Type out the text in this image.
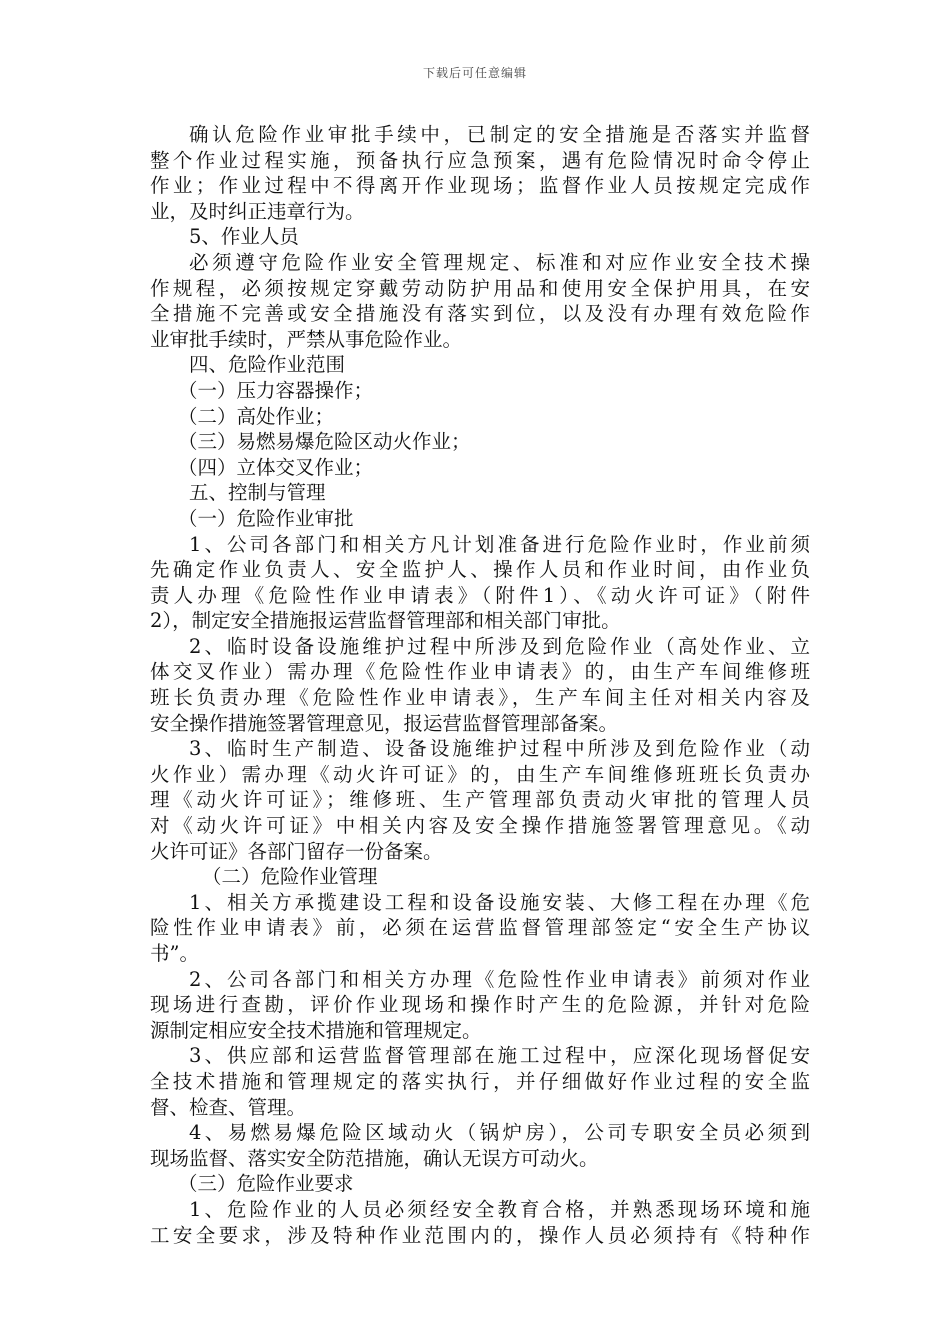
下载后可任意编辑
确认危险作业审批手续中，已制定的安全措施是否落实并监督
整个作业过程实施，预备执行应急预案，遇有危险情况时命令停止
作业；作业过程中不得离开作业现场；监督作业人员按规定完成作
业，及时纠正违章行为。
5、作业人员
必须遵守危险作业安全管理规定、标准和对应作业安全技术操
作规程，必须按规定穿戴劳动防护用品和使用安全保护用具，在安
全措施不完善或安全措施没有落实到位，以及没有办理有效危险作
业审批手续时，严禁从事危险作业。
四、危险作业范围
（一）压力容器操作；
（二）高处作业；
（三）易燃易爆危险区动火作业；
（四）立体交叉作业；
五、控制与管理
（一）危险作业审批
1、公司各部门和相关方凡计划准备进行危险作业时，作业前须
先确定作业负责人、安全监护人、操作人员和作业时间，由作业负
责人办理《危险性作业申请表》（附件1）、《动火许可证》（附件
2），制定安全措施报运营监督管理部和相关部门审批。
2、临时设备设施维护过程中所涉及到危险作业（高处作业、立
体交叉作业）需办理《危险性作业申请表》的，由生产车间维修班
班长负责办理《危险性作业申请表》，生产车间主任对相关内容及
安全操作措施签署管理意见，报运营监督管理部备案。
3、临时生产制造、设备设施维护过程中所涉及到危险作业（动
火作业）需办理《动火许可证》的，由生产车间维修班班长负责办
理《动火许可证》；维修班、生产管理部负责动火审批的管理人员
对《动火许可证》中相关内容及安全操作措施签署管理意见。《动
火许可证》各部门留存一份备案。
（二）危险作业管理
1、相关方承揽建设工程和设备设施安装、大修工程在办理《危
险性作业申请表》前，必须在运营监督管理部签定“安全生产协议
书”。
2、公司各部门和相关方办理《危险性作业申请表》前须对作业
现场进行查勘，评价作业现场和操作时产生的危险源，并针对危险
源制定相应安全技术措施和管理规定。
3、供应部和运营监督管理部在施工过程中，应深化现场督促安
全技术措施和管理规定的落实执行，并仔细做好作业过程的安全监
督、检查、管理。
4、易燃易爆危险区域动火（锅炉房），公司专职安全员必须到
现场监督、落实安全防范措施，确认无误方可动火。
（三）危险作业要求
1、危险作业的人员必须经安全教育合格，并熟悉现场环境和施
工安全要求，涉及特种作业范围内的，操作人员必须持有《特种作
